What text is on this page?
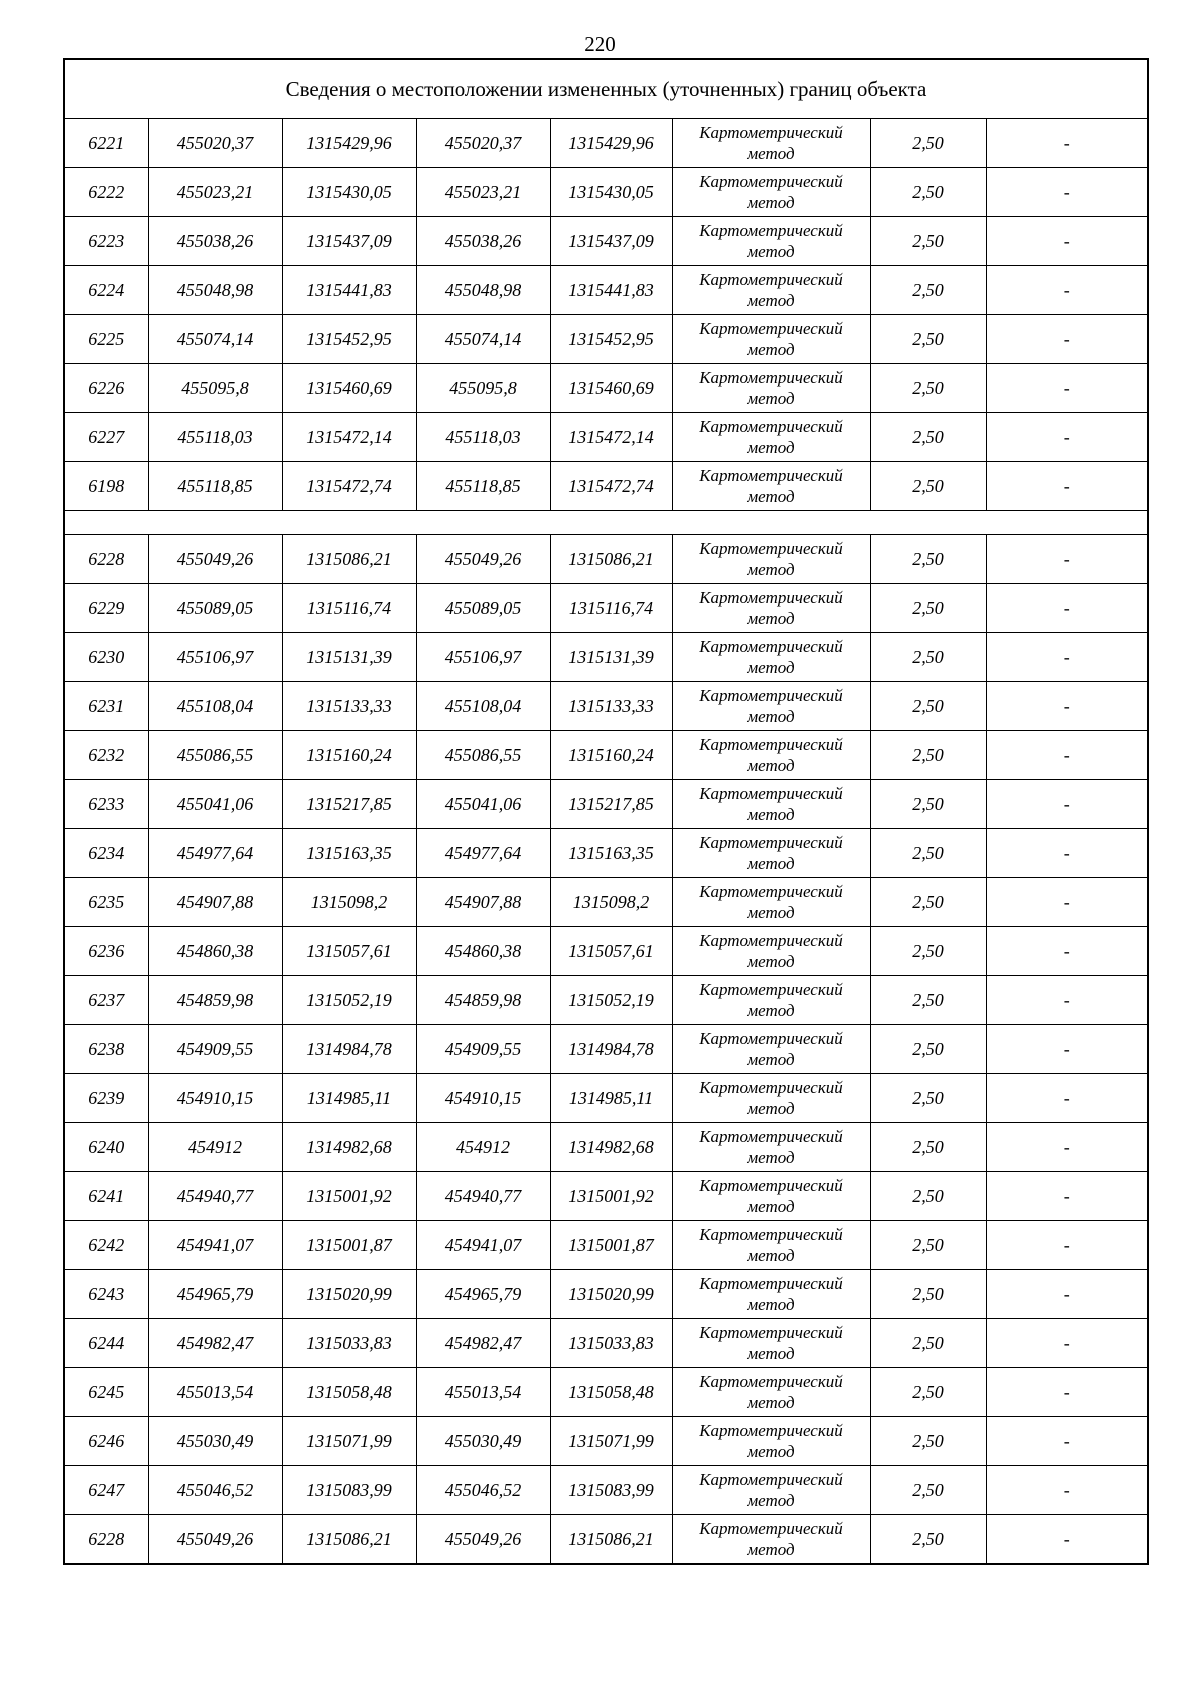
220
Сведения о местоположении измененных (уточненных) границ объекта							
6221	455020,37	1315429,96	455020,37	1315429,96	Картометрический
метод	2,50	-
6222	455023,21	1315430,05	455023,21	1315430,05	Картометрический
метод	2,50	-
6223	455038,26	1315437,09	455038,26	1315437,09	Картометрический
метод	2,50	-
6224	455048,98	1315441,83	455048,98	1315441,83	Картометрический
метод	2,50	-
6225	455074,14	1315452,95	455074,14	1315452,95	Картометрический
метод	2,50	-
6226	455095,8	1315460,69	455095,8	1315460,69	Картометрический
метод	2,50	-
6227	455118,03	1315472,14	455118,03	1315472,14	Картометрический
метод	2,50	-
6198	455118,85	1315472,74	455118,85	1315472,74	Картометрический
метод	2,50	-

6228	455049,26	1315086,21	455049,26	1315086,21	Картометрический
метод	2,50	-
6229	455089,05	1315116,74	455089,05	1315116,74	Картометрический
метод	2,50	-
6230	455106,97	1315131,39	455106,97	1315131,39	Картометрический
метод	2,50	-
6231	455108,04	1315133,33	455108,04	1315133,33	Картометрический
метод	2,50	-
6232	455086,55	1315160,24	455086,55	1315160,24	Картометрический
метод	2,50	-
6233	455041,06	1315217,85	455041,06	1315217,85	Картометрический
метод	2,50	-
6234	454977,64	1315163,35	454977,64	1315163,35	Картометрический
метод	2,50	-
6235	454907,88	1315098,2	454907,88	1315098,2	Картометрический
метод	2,50	-
6236	454860,38	1315057,61	454860,38	1315057,61	Картометрический
метод	2,50	-
6237	454859,98	1315052,19	454859,98	1315052,19	Картометрический
метод	2,50	-
6238	454909,55	1314984,78	454909,55	1314984,78	Картометрический
метод	2,50	-
6239	454910,15	1314985,11	454910,15	1314985,11	Картометрический
метод	2,50	-
6240	454912	1314982,68	454912	1314982,68	Картометрический
метод	2,50	-
6241	454940,77	1315001,92	454940,77	1315001,92	Картометрический
метод	2,50	-
6242	454941,07	1315001,87	454941,07	1315001,87	Картометрический
метод	2,50	-
6243	454965,79	1315020,99	454965,79	1315020,99	Картометрический
метод	2,50	-
6244	454982,47	1315033,83	454982,47	1315033,83	Картометрический
метод	2,50	-
6245	455013,54	1315058,48	455013,54	1315058,48	Картометрический
метод	2,50	-
6246	455030,49	1315071,99	455030,49	1315071,99	Картометрический
метод	2,50	-
6247	455046,52	1315083,99	455046,52	1315083,99	Картометрический
метод	2,50	-
6228	455049,26	1315086,21	455049,26	1315086,21	Картометрический
метод	2,50	-
